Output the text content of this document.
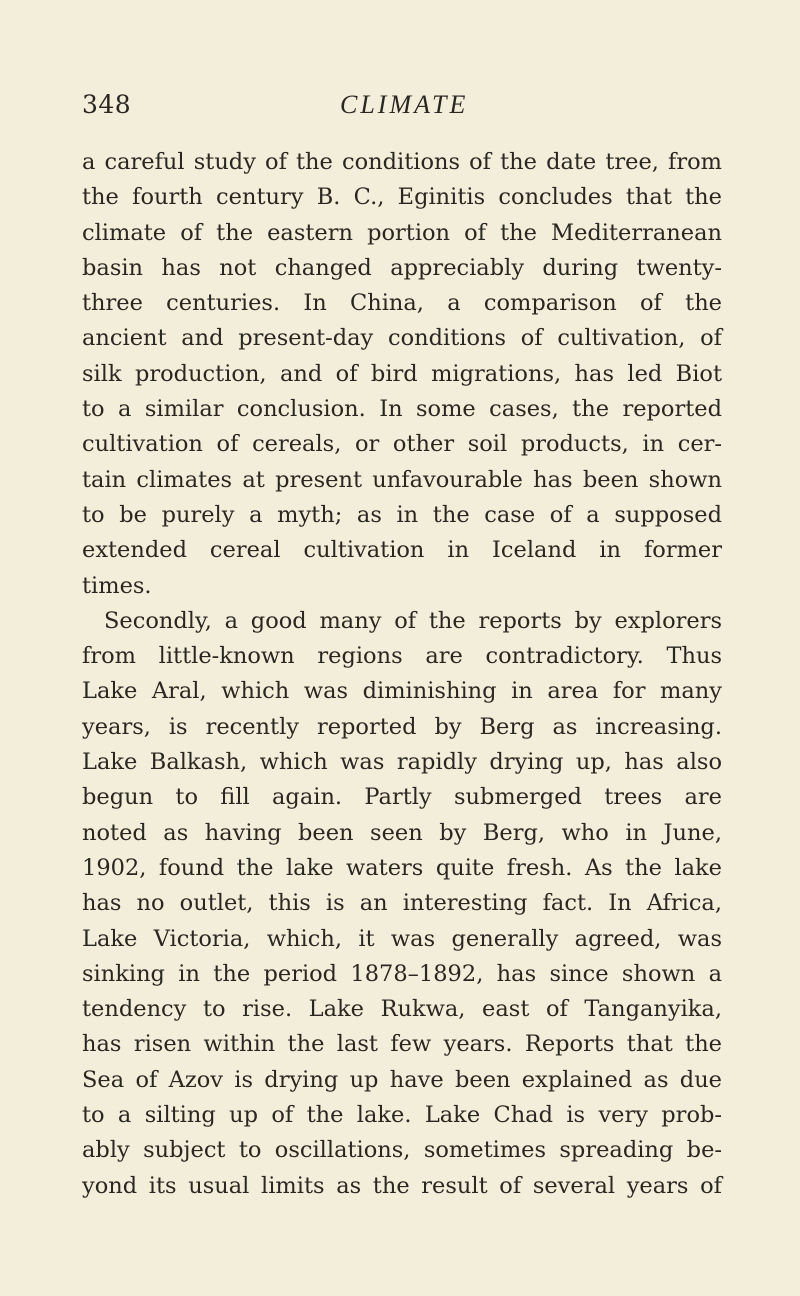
348	CLIMATE
a careful study of the conditions of the date tree, from
the fourth century B. C., Eginitis concludes that the
climate of the eastern portion of the Mediterranean
basin has not changed appreciably during twenty-
three centuries. In China, a comparison of the
ancient and present-day conditions of cultivation, of
silk production, and of bird migrations, has led Biot
to a similar conclusion. In some cases, the reported
cultivation of cereals, or other soil products, in cer-
tain climates at present unfavourable has been shown
to be purely a myth; as in the case of a supposed
extended cereal cultivation in Iceland in former
times.
Secondly, a good many of the reports by explorers
from little-known regions are contradictory. Thus
Lake Aral, which was diminishing in area for many
years, is recently reported by Berg as increasing.
Lake Balkash, which was rapidly drying up, has also
begun to fill again. Partly submerged trees are
noted as having been seen by Berg, who in June,
1902, found the lake waters quite fresh. As the lake
has no outlet, this is an interesting fact. In Africa,
Lake Victoria, which, it was generally agreed, was
sinking in the period 1878–1892, has since shown a
tendency to rise. Lake Rukwa, east of Tanganyika,
has risen within the last few years. Reports that the
Sea of Azov is drying up have been explained as due
to a silting up of the lake. Lake Chad is very prob-
ably subject to oscillations, sometimes spreading be-
yond its usual limits as the result of several years of
